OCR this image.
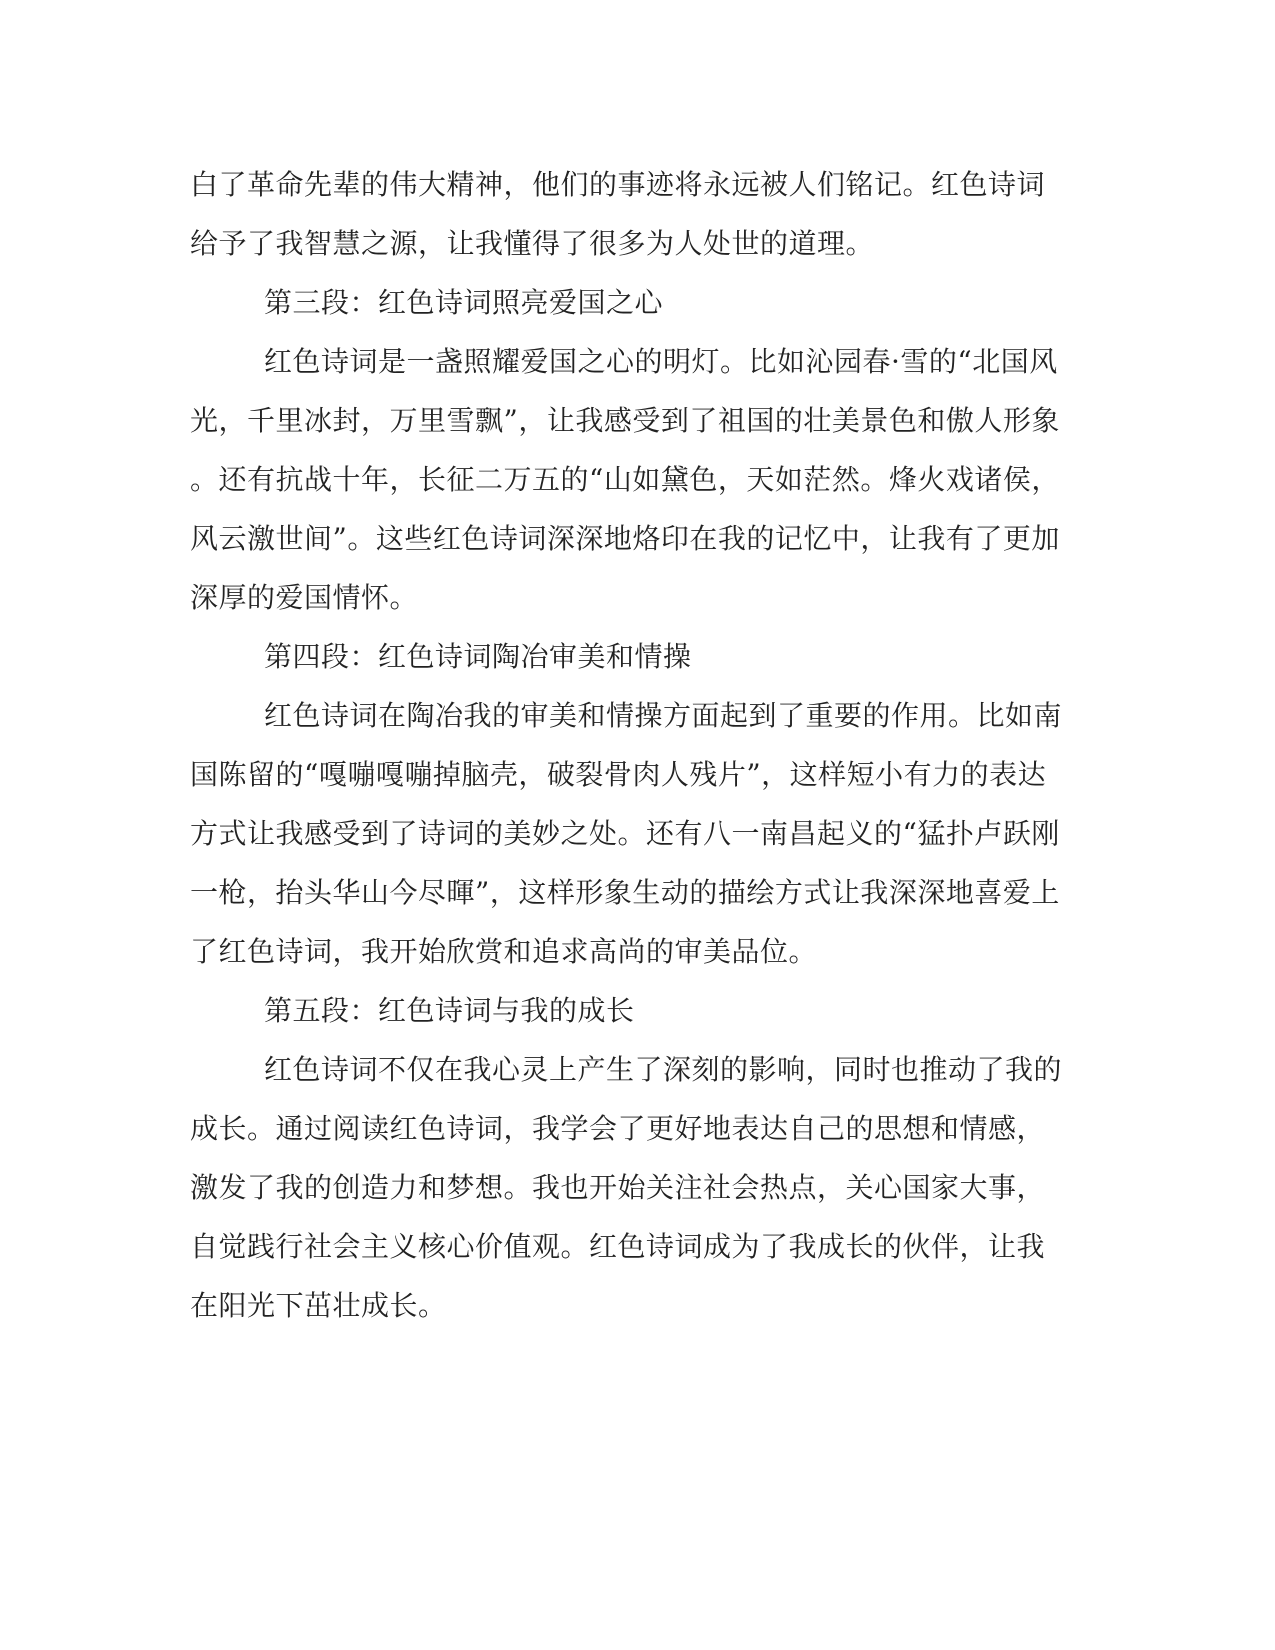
白了革命先辈的伟大精神，他们的事迹将永远被人们铭记。红色诗词
给予了我智慧之源，让我懂得了很多为人处世的道理。
第三段：红色诗词照亮爱国之心
红色诗词是一盏照耀爱国之心的明灯。比如沁园春·雪的“北国风
光，千里冰封，万里雪飘”，让我感受到了祖国的壮美景色和傲人形象
。还有抗战十年，长征二万五的“山如黛色，天如茫然。烽火戏诸侯，
风云激世间”。这些红色诗词深深地烙印在我的记忆中，让我有了更加
深厚的爱国情怀。
第四段：红色诗词陶冶审美和情操
红色诗词在陶冶我的审美和情操方面起到了重要的作用。比如南
国陈留的“嘎嘣嘎嘣掉脑壳，破裂骨肉人残片”，这样短小有力的表达
方式让我感受到了诗词的美妙之处。还有八一南昌起义的“猛扑卢跃刚
一枪，抬头华山今尽暉”，这样形象生动的描绘方式让我深深地喜爱上
了红色诗词，我开始欣赏和追求高尚的审美品位。
第五段：红色诗词与我的成长
红色诗词不仅在我心灵上产生了深刻的影响，同时也推动了我的
成长。通过阅读红色诗词，我学会了更好地表达自己的思想和情感，
激发了我的创造力和梦想。我也开始关注社会热点，关心国家大事，
自觉践行社会主义核心价值观。红色诗词成为了我成长的伙伴，让我
在阳光下茁壮成长。
